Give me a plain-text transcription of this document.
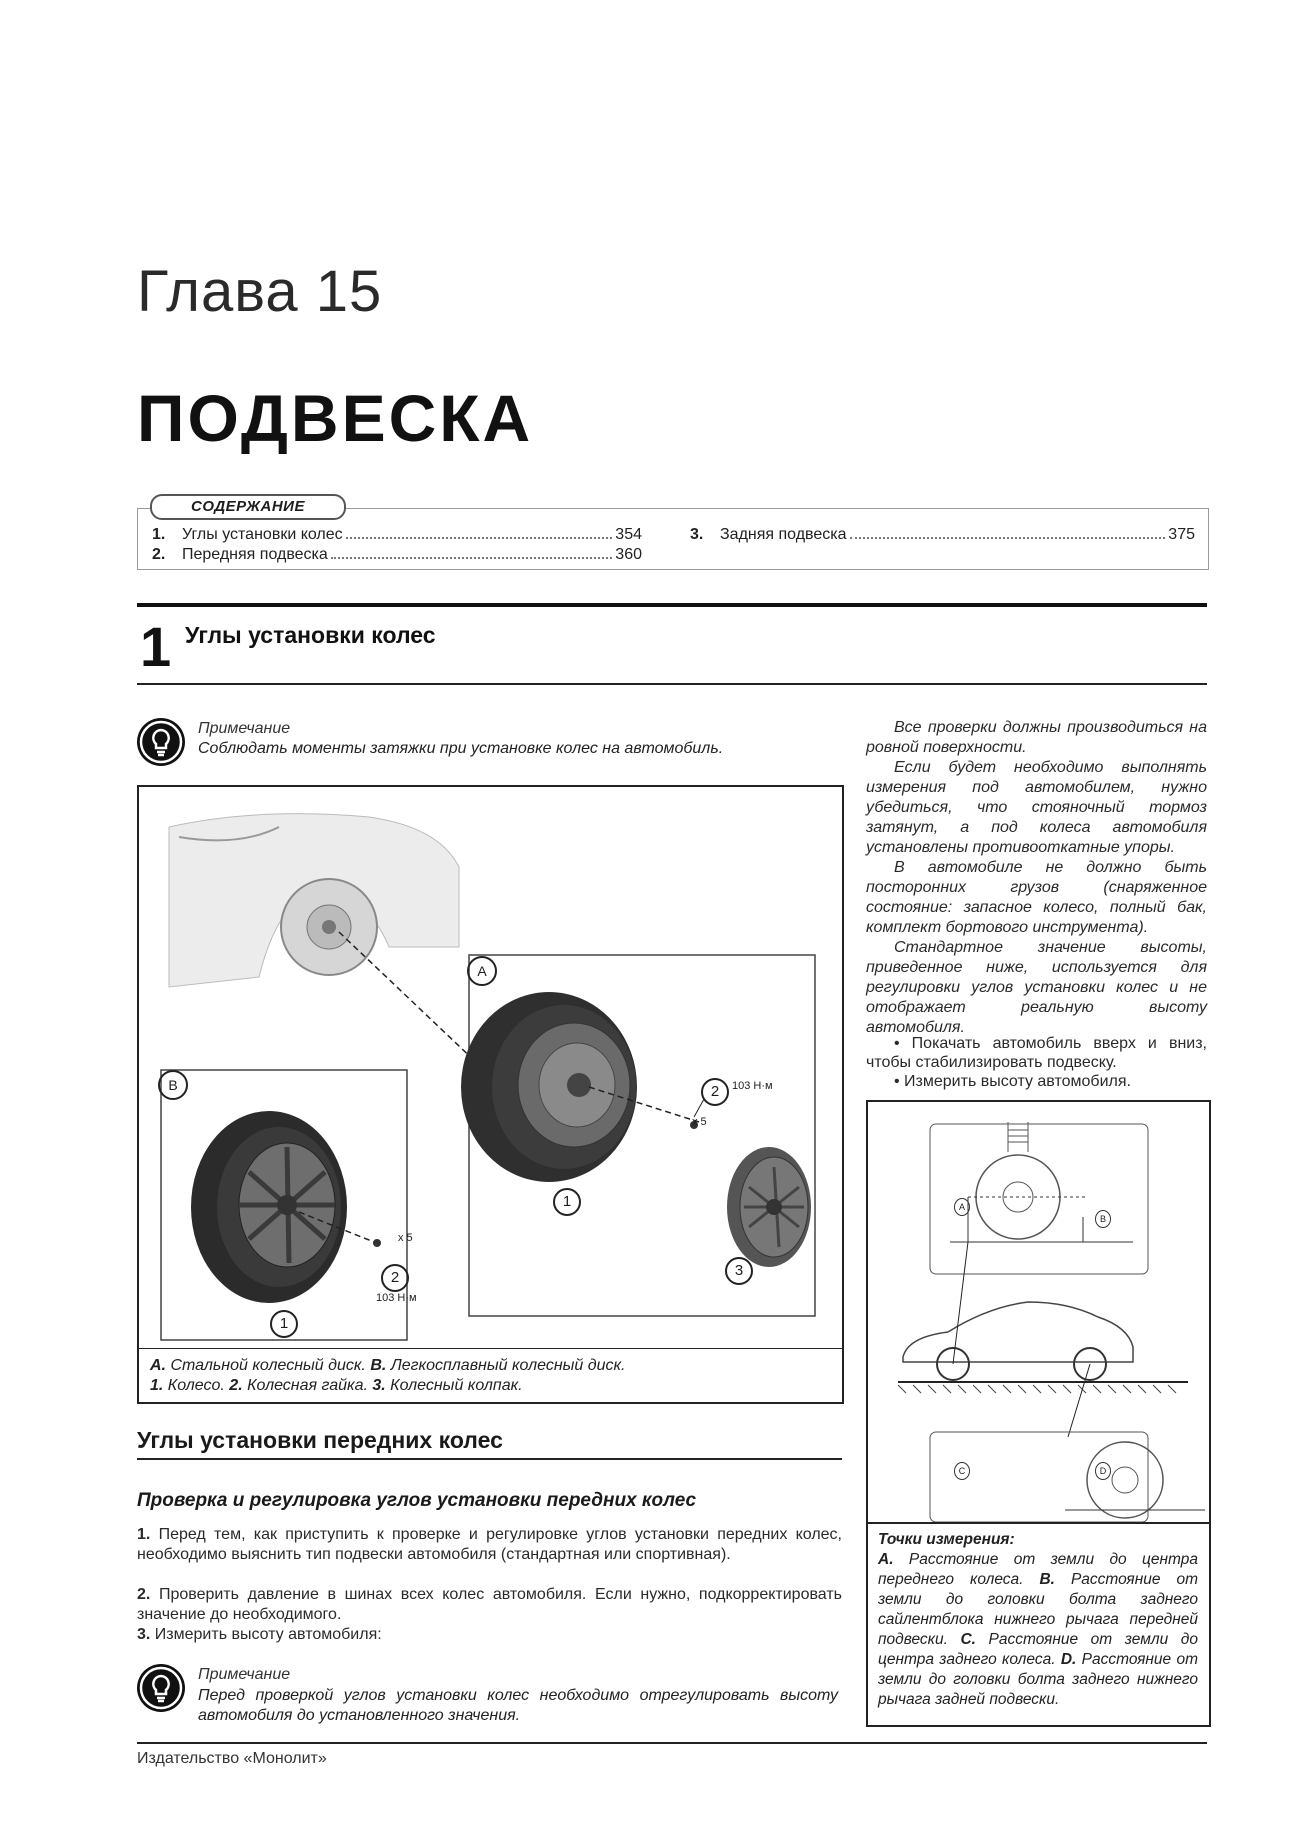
Глава 15
ПОДВЕСКА
СОДЕРЖАНИЕ
1.	Углы установки колес	354
2.	Передняя подвеска	360
3.	Задняя подвеска	375
1 Углы установки колес
Примечание
Соблюдать моменты затяжки при установке колес на автомобиль.
A
B
1
2	103 Н·м
x 5
3
1
2
103 Н·м
x 5
A. Стальной колесный диск. B. Легкосплавный колесный диск.
1. Колесо. 2. Колесная гайка. 3. Колесный колпак.
Углы установки передних колес
Проверка и регулировка углов установки передних колес
1. Перед тем, как приступить к проверке и регулировке углов установки передних колес, необходимо выяснить тип подвески автомобиля (стандартная или спортивная).
2. Проверить давление в шинах всех колес автомобиля. Если нужно, подкорректировать значение до необходимого.
3. Измерить высоту автомобиля:
Примечание
Перед проверкой углов установки колес необходимо отрегулировать высоту автомобиля до установленного значения.

Все проверки должны производиться на ровной поверхности.

Если будет необходимо выполнять измерения под автомобилем, нужно убедиться, что стояночный тормоз затянут, а под колеса автомобиля установлены противооткатные упоры.

В автомобиле не должно быть посторонних грузов (снаряженное состояние: запасное колесо, полный бак, комплект бортового инструмента).

Стандартное значение высоты, приведенное ниже, используется для регулировки углов установки колес и не отображает реальную высоту автомобиля.

• Покачать автомобиль вверх и вниз, чтобы стабилизировать подвеску.

• Измерить высоту автомобиля.

A
B
C	D
Точки измерения:
A. Расстояние от земли до центра переднего колеса. B. Расстояние от земли до головки болта заднего сайлентблока нижнего рычага передней подвески. C. Расстояние от земли до центра заднего колеса. D. Расстояние от земли до головки болта заднего нижнего рычага задней подвески.
Издательство «Монолит»
